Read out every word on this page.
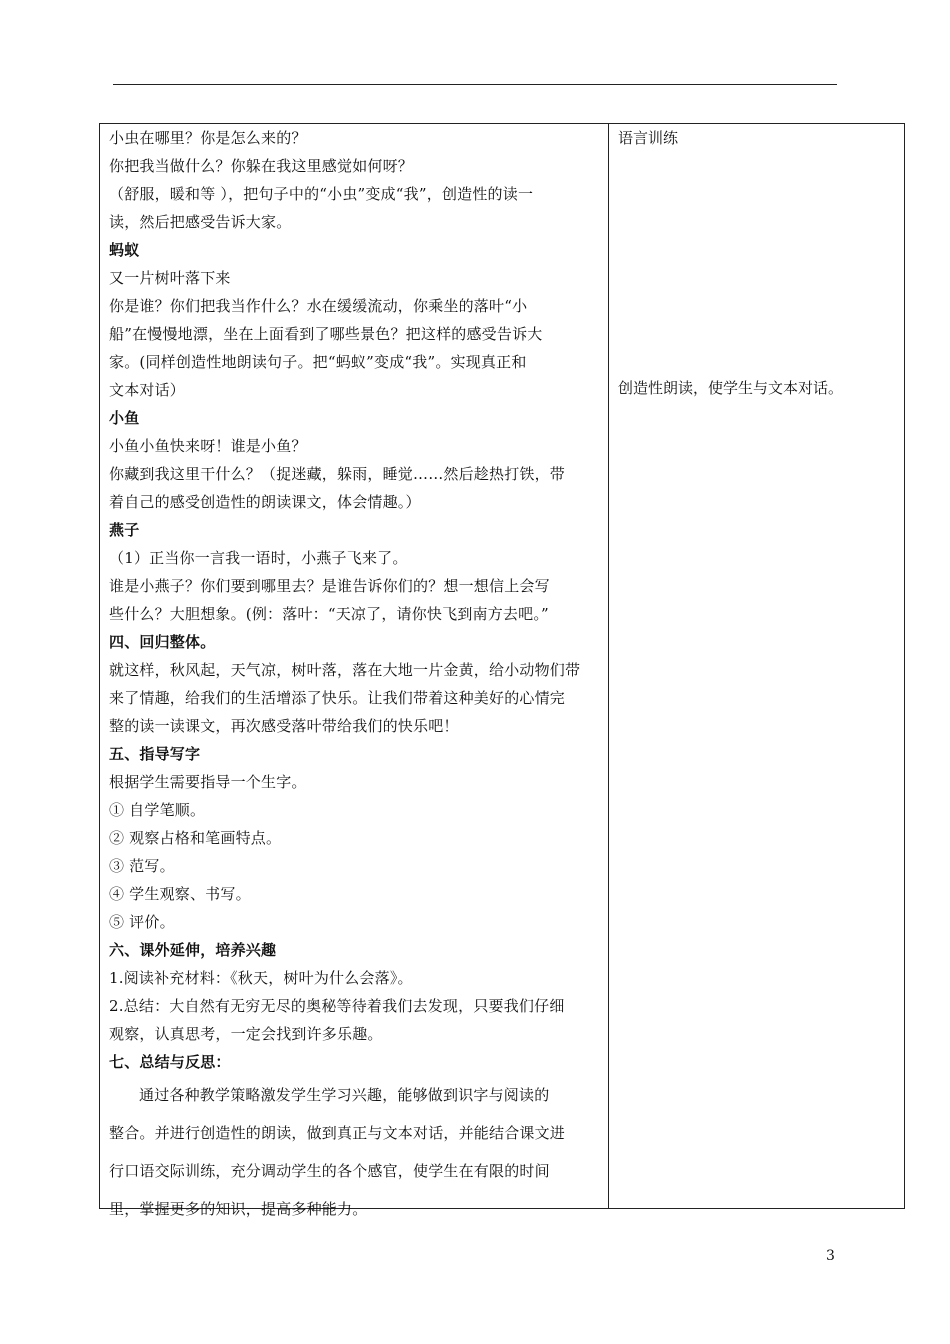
小虫在哪里？你是怎么来的？
你把我当做什么？你躲在我这里感觉如何呀？
（舒服，暖和等 ），把句子中的“小虫”变成“我”，创造性的读一
读，然后把感受告诉大家。
蚂蚁
又一片树叶落下来
你是谁？你们把我当作什么？水在缓缓流动，你乘坐的落叶“小
船”在慢慢地漂，坐在上面看到了哪些景色？把这样的感受告诉大
家。(同样创造性地朗读句子。把“蚂蚁”变成“我”。实现真正和
文本对话）
小鱼
小鱼小鱼快来呀！谁是小鱼？
你藏到我这里干什么？（捉迷藏，躲雨，睡觉……然后趁热打铁，带
着自己的感受创造性的朗读课文，体会情趣。）
燕子
（1）正当你一言我一语时，小燕子飞来了。
谁是小燕子？你们要到哪里去？是谁告诉你们的？想一想信上会写
些什么？大胆想象。(例：落叶：“天凉了，请你快飞到南方去吧。”
四、回归整体。
就这样，秋风起，天气凉，树叶落，落在大地一片金黄，给小动物们带
来了情趣，给我们的生活增添了快乐。让我们带着这种美好的心情完
整的读一读课文，再次感受落叶带给我们的快乐吧！
五、指导写字
根据学生需要指导一个生字。
① 自学笔顺。
② 观察占格和笔画特点。
③ 范写。
④ 学生观察、书写。
⑤ 评价。
六、课外延伸，培养兴趣
1.阅读补充材料：《秋天，树叶为什么会落》。
2.总结：大自然有无穷无尽的奥秘等待着我们去发现，只要我们仔细
观察，认真思考，一定会找到许多乐趣。
七、总结与反思：
通过各种教学策略激发学生学习兴趣，能够做到识字与阅读的
整合。并进行创造性的朗读，做到真正与文本对话，并能结合课文进
行口语交际训练，充分调动学生的各个感官，使学生在有限的时间
里，掌握更多的知识，提高多种能力。
语言训练
创造性朗读，使学生与文本对话。
3
